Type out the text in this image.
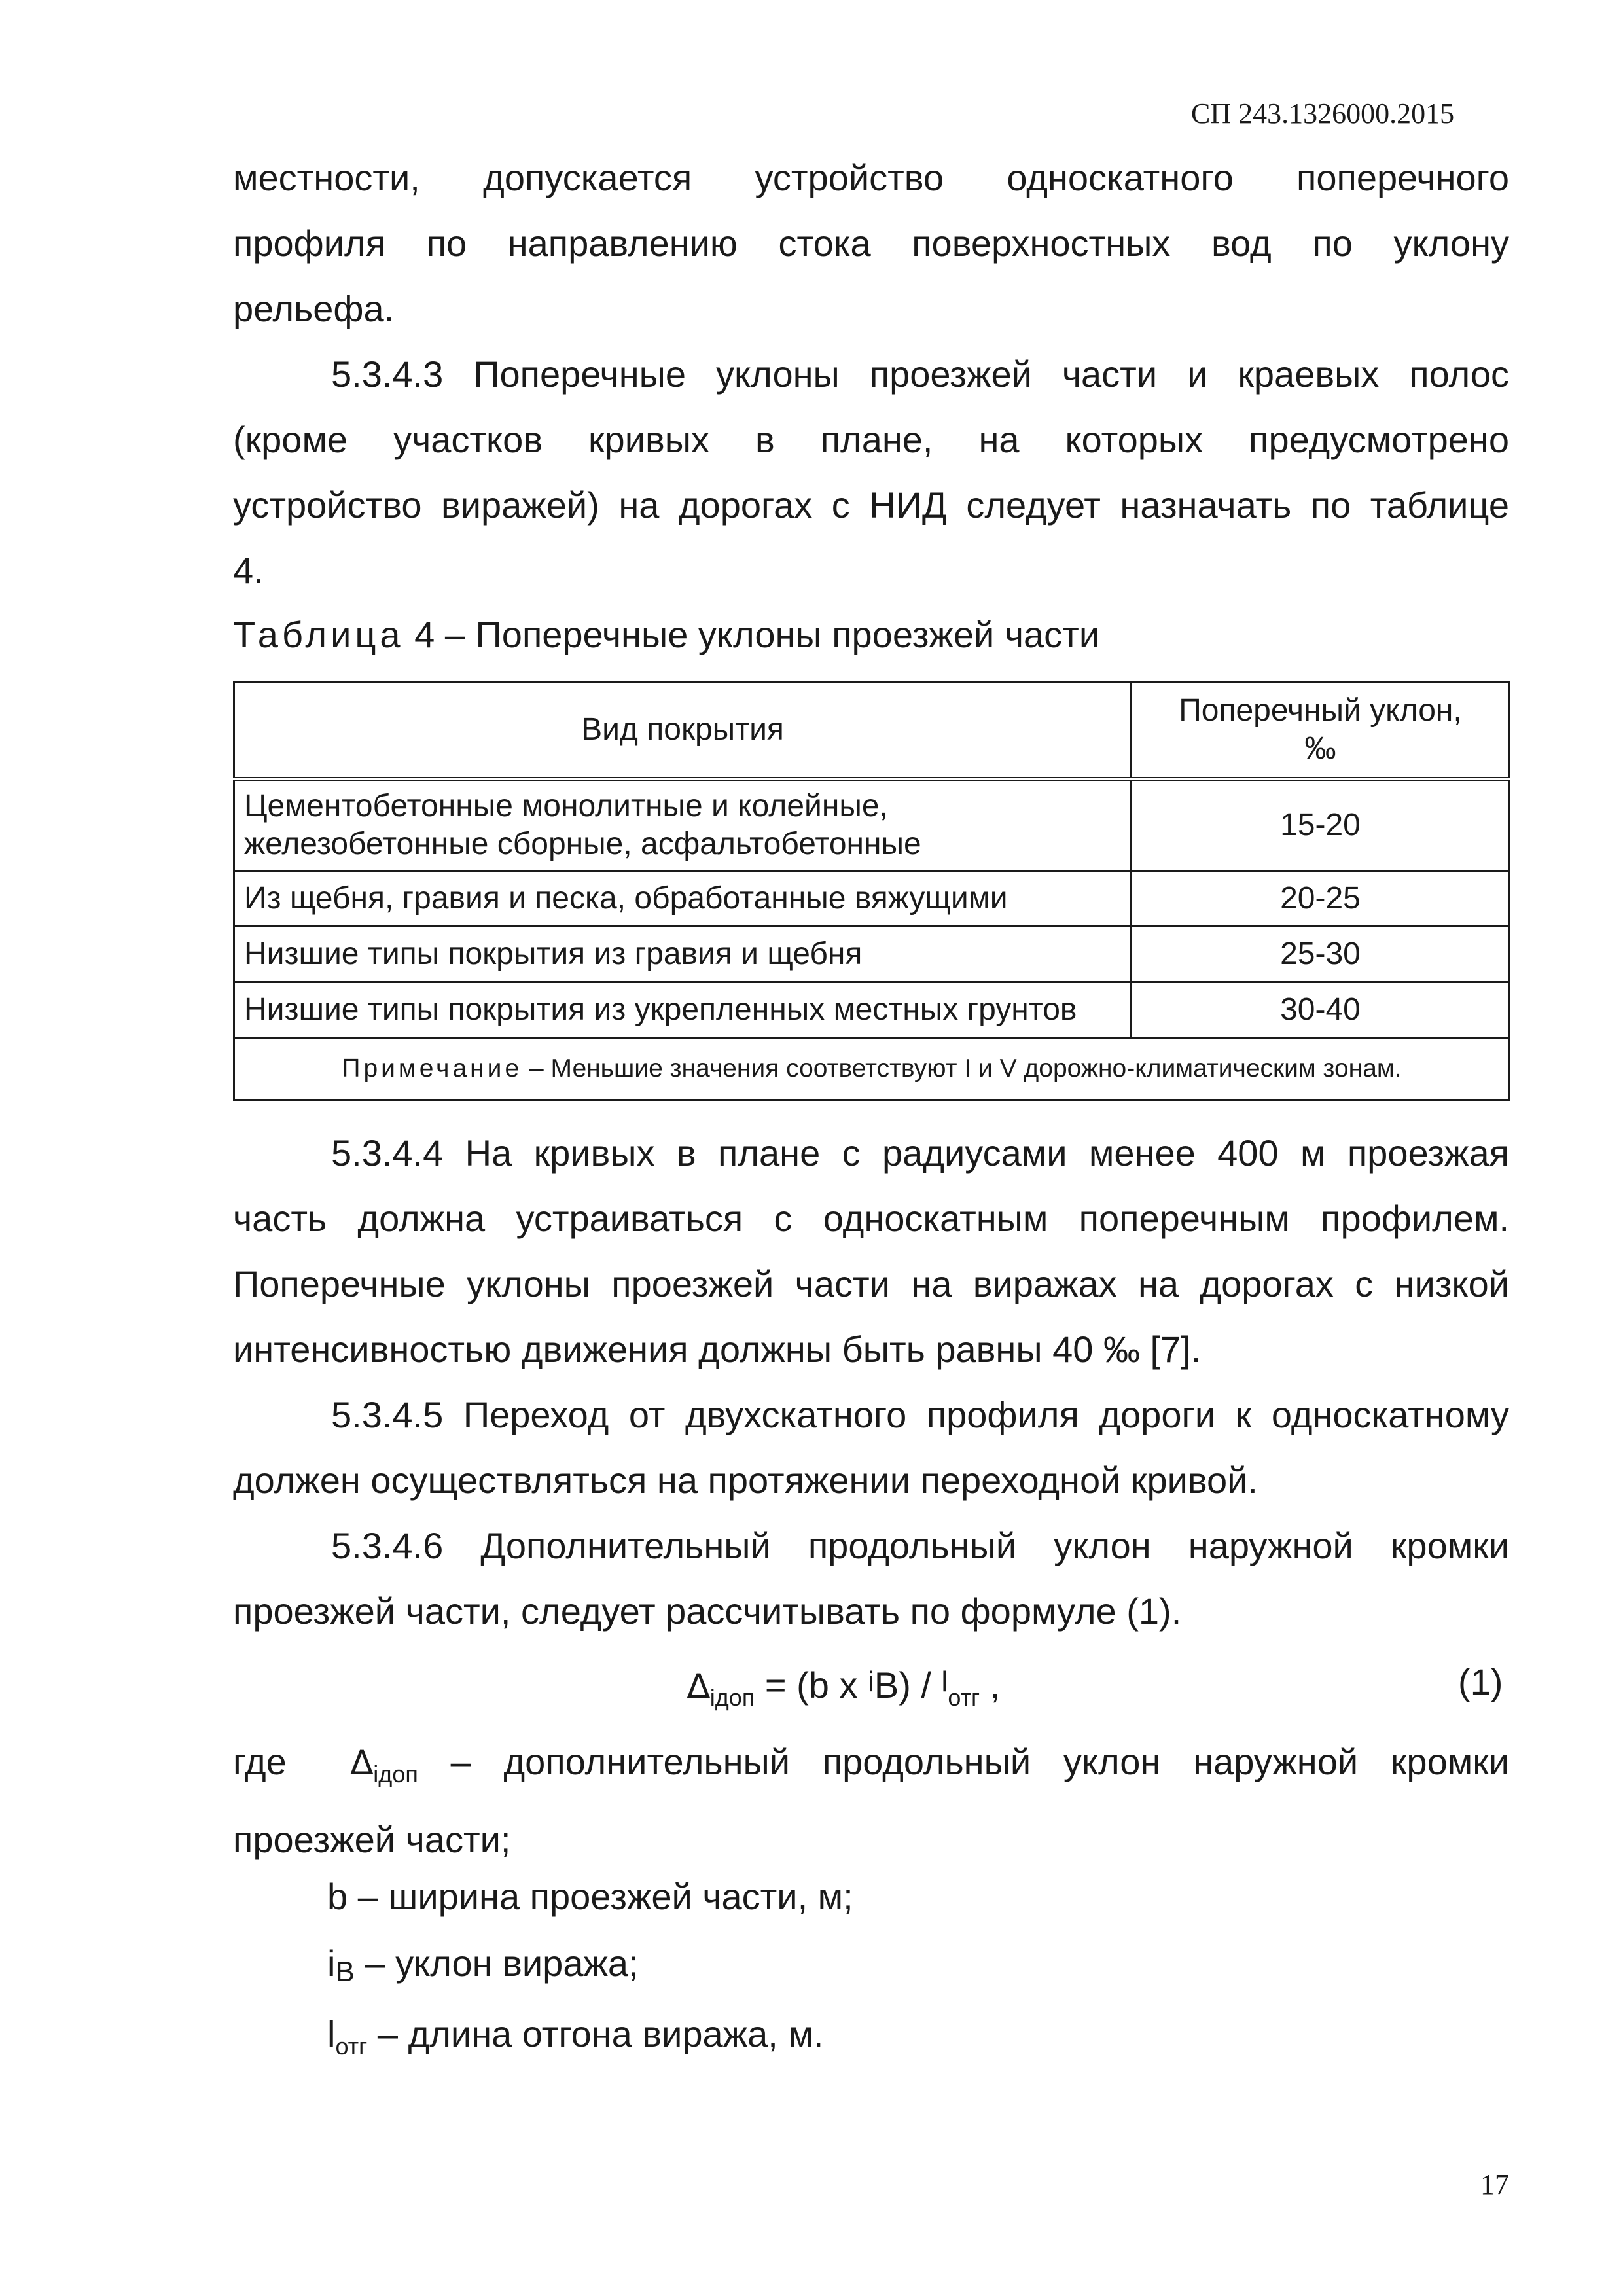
СП 243.1326000.2015

местности, допускается устройство односкатного поперечного
профиля по направлению стока поверхностных вод по уклону
рельефа.

5.3.4.3 Поперечные уклоны проезжей части и краевых полос
(кроме участков кривых в плане, на которых предусмотрено
устройство виражей) на дорогах с НИД следует назначать по таблице
4.

Таблица 4 – Поперечные уклоны проезжей части
Вид покрытия	Поперечный уклон,
‰

Цементобетонные монолитные и колейные,
железобетонные сборные, асфальтобетонные	15-20
Из щебня, гравия и песка, обработанные вяжущими	20-25
Низшие типы покрытия из гравия и щебня	25-30
Низшие типы покрытия из укрепленных местных грунтов	30-40
Примечание – Меньшие значения соответствуют I и V дорожно-климатическим зонам.	

5.3.4.4 На кривых в плане с радиусами менее 400 м проезжая
часть должна устраиваться с односкатным поперечным профилем.
Поперечные уклоны проезжей части на виражах на дорогах с низкой
интенсивностью движения должны быть равны 40 ‰ [7].

5.3.4.5 Переход от двухскатного профиля дороги к односкатному
должен осуществляться на протяжении переходной кривой.

5.3.4.6 Дополнительный продольный уклон наружной кромки
проезжей части, следует рассчитывать по формуле (1).

$\Delta_{iдоп} = (b$ x $iВ) / l_{отг}$ ,	(1)
где $\Delta_{iдоп}$ – дополнительный продольный уклон наружной кромки
проезжей части;
b – ширина проезжей части, м;
iВ – уклон виража;
$l_{отг}$ – длина отгона виража, м.
17
